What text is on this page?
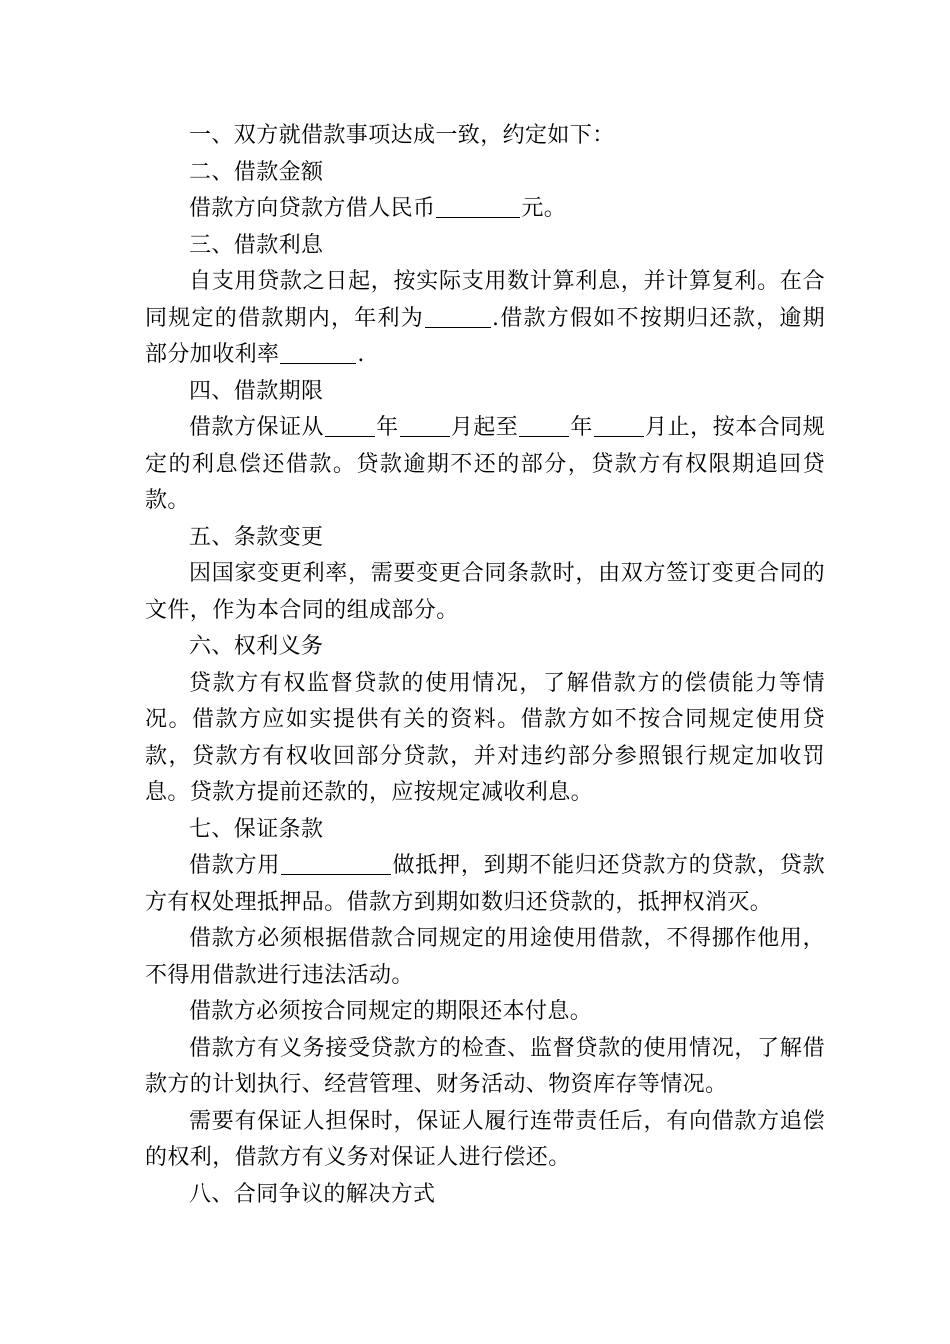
一、双方就借款事项达成一致，约定如下：

二、借款金额

借款方向贷款方借人民币	元。

三、借款利息

自支用贷款之日起，按实际支用数计算利息，并计算复利。在合同规定的借款期内，年利为	.借款方假如不按期归还款，逾期部分加收利率	.

四、借款期限

借款方保证从 年 月起至 年 月止，按本合同规定的利息偿还借款。贷款逾期不还的部分，贷款方有权限期追回贷款。

五、条款变更

因国家变更利率，需要变更合同条款时，由双方签订变更合同的文件，作为本合同的组成部分。

六、权利义务

贷款方有权监督贷款的使用情况，了解借款方的偿债能力等情况。借款方应如实提供有关的资料。借款方如不按合同规定使用贷款，贷款方有权收回部分贷款，并对违约部分参照银行规定加收罚息。贷款方提前还款的，应按规定减收利息。

七、保证条款

借款方用	做抵押，到期不能归还贷款方的贷款，贷款方有权处理抵押品。借款方到期如数归还贷款的，抵押权消灭。

借款方必须根据借款合同规定的用途使用借款，不得挪作他用，不得用借款进行违法活动。

借款方必须按合同规定的期限还本付息。

借款方有义务接受贷款方的检查、监督贷款的使用情况，了解借款方的计划执行、经营管理、财务活动、物资库存等情况。

需要有保证人担保时，保证人履行连带责任后，有向借款方追偿的权利，借款方有义务对保证人进行偿还。

八、合同争议的解决方式
